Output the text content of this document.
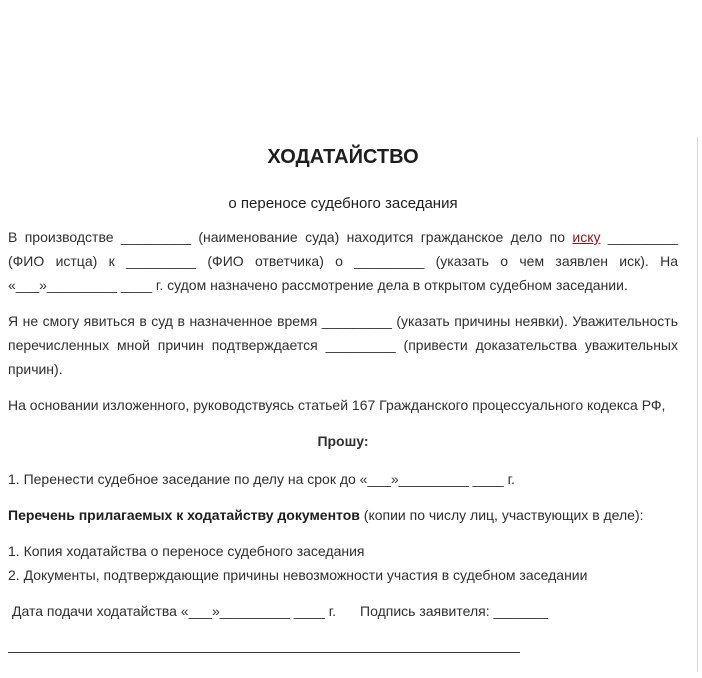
ХОДАТАЙСТВО

о переносе судебного заседания

В производстве _________ (наименование суда) находится гражданское дело по иску _________ (ФИО истца) к _________ (ФИО ответчика) о _________ (указать о чем заявлен иск). На «___»_________ ____ г. судом назначено рассмотрение дела в открытом судебном заседании.

Я не смогу явиться в суд в назначенное время _________ (указать причины неявки). Уважительность перечисленных мной причин подтверждается _________ (привести доказательства уважительных причин).

На основании изложенного, руководствуясь статьей 167 Гражданского процессуального кодекса РФ,

Прошу:

1. Перенести судебное заседание по делу на срок до «___»_________ ____ г.

Перечень прилагаемых к ходатайству документов (копии по числу лиц, участвующих в деле):

1. Копия ходатайства о переносе судебного заседания

2. Документы, подтверждающие причины невозможности участия в судебном заседании

Дата подачи ходатайства «___»_________ ____ г. Подпись заявителя: _______
